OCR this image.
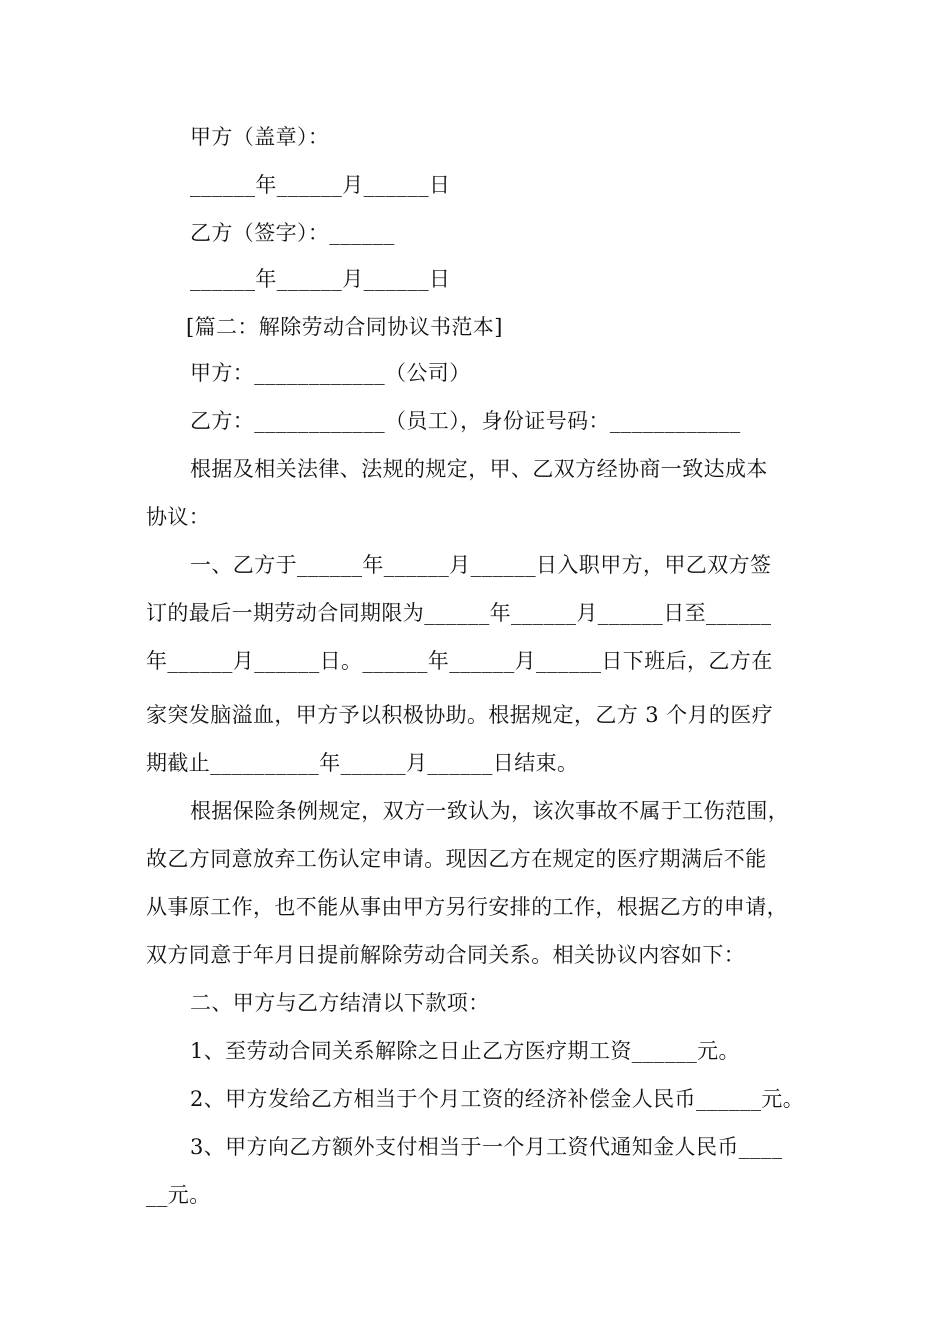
甲方（盖章）：
______年______月______日
乙方（签字）：______
______年______月______日
[篇二：解除劳动合同协议书范本]
甲方：____________（公司）
乙方：____________（员工），身份证号码：____________
根据及相关法律、法规的规定，甲、乙双方经协商一致达成本
协议：
一、乙方于______年______月______日入职甲方，甲乙双方签
订的最后一期劳动合同期限为______年______月______日至______
年______月______日。______年______月______日下班后，乙方在
家突发脑溢血，甲方予以积极协助。根据规定，乙方 3 个月的医疗
期截止__________年______月______日结束。
根据保险条例规定，双方一致认为，该次事故不属于工伤范围，
故乙方同意放弃工伤认定申请。现因乙方在规定的医疗期满后不能
从事原工作，也不能从事由甲方另行安排的工作，根据乙方的申请，
双方同意于年月日提前解除劳动合同关系。相关协议内容如下：
二、甲方与乙方结清以下款项：
1、至劳动合同关系解除之日止乙方医疗期工资______元。
2、甲方发给乙方相当于个月工资的经济补偿金人民币______元。
3、甲方向乙方额外支付相当于一个月工资代通知金人民币____
__元。
